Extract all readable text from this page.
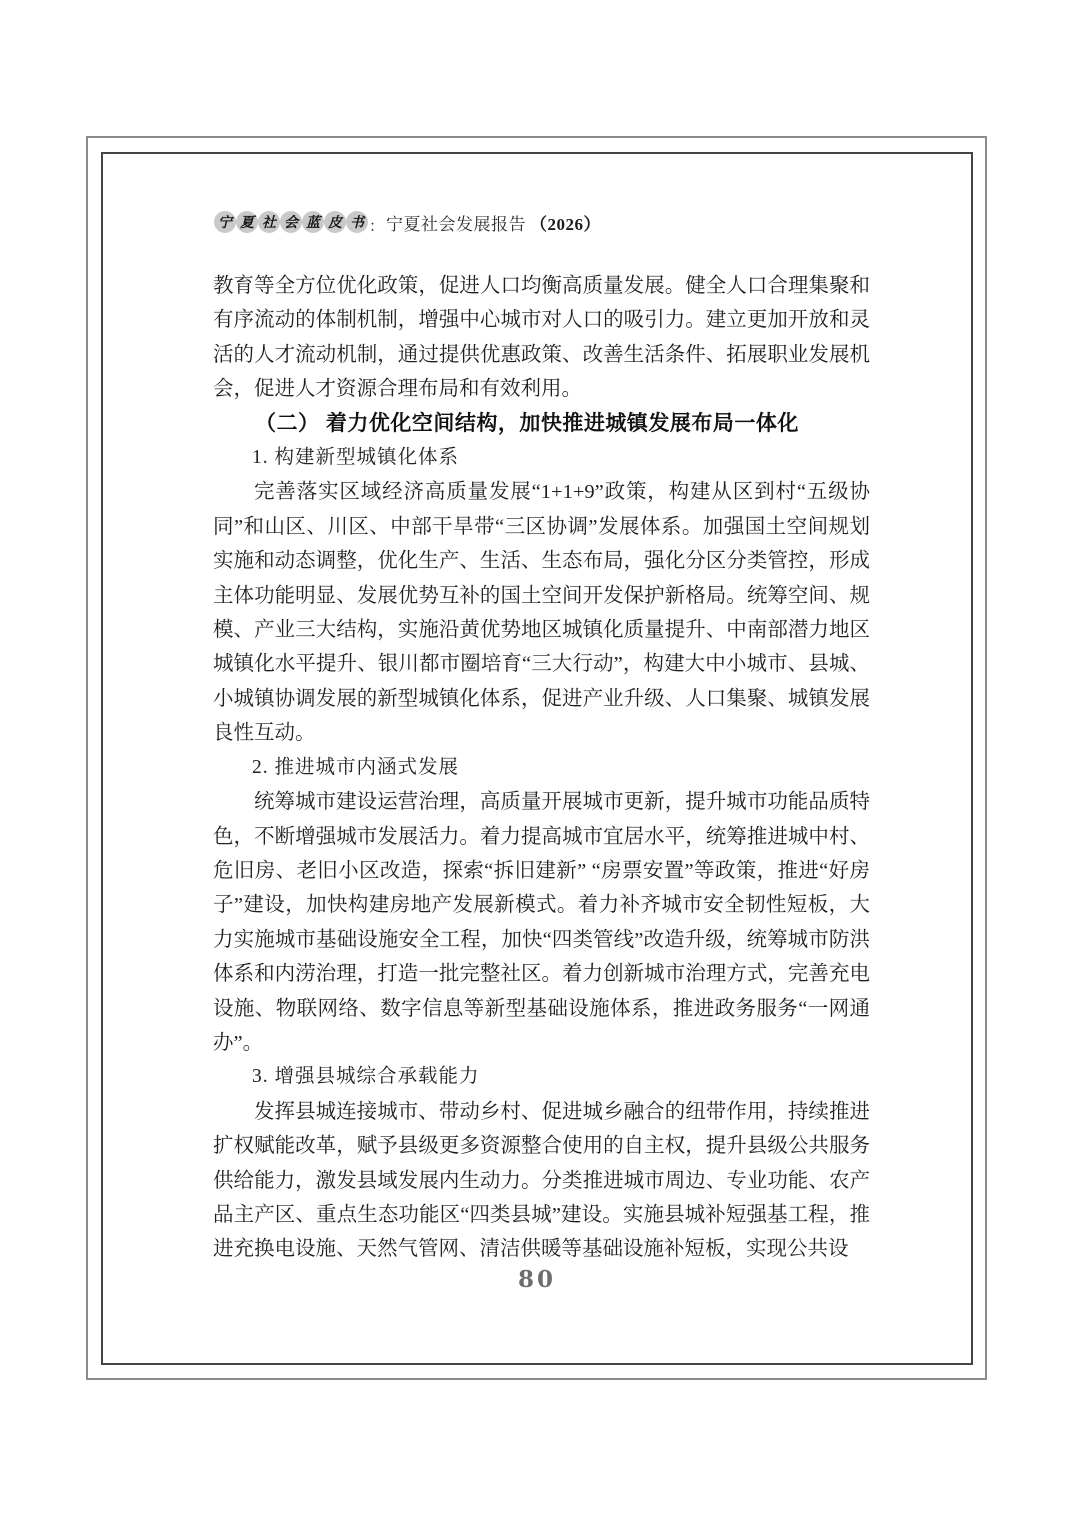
宁 夏 社 会 蓝 皮 书 ： 宁夏社会发展报告 （2026）

教育等全方位优化政策，促进人口均衡高质量发展。健全人口合理集聚和有序流动的体制机制，增强中心城市对人口的吸引力。建立更加开放和灵活的人才流动机制，通过提供优惠政策、改善生活条件、拓展职业发展机会，促进人才资源合理布局和有效利用。

（二） 着力优化空间结构，加快推进城镇发展布局一体化

1. 构建新型城镇化体系

完善落实区域经济高质量发展“1+1+9”政策，构建从区到村“五级协同”和山区、川区、中部干旱带“三区协调”发展体系。加强国土空间规划实施和动态调整，优化生产、生活、生态布局，强化分区分类管控，形成主体功能明显、发展优势互补的国土空间开发保护新格局。统筹空间、规模、产业三大结构，实施沿黄优势地区城镇化质量提升、中南部潜力地区城镇化水平提升、银川都市圈培育“三大行动”，构建大中小城市、县城、小城镇协调发展的新型城镇化体系，促进产业升级、人口集聚、城镇发展良性互动。

2. 推进城市内涵式发展

统筹城市建设运营治理，高质量开展城市更新，提升城市功能品质特色，不断增强城市发展活力。着力提高城市宜居水平，统筹推进城中村、危旧房、老旧小区改造，探索“拆旧建新” “房票安置”等政策，推进“好房子”建设，加快构建房地产发展新模式。着力补齐城市安全韧性短板，大力实施城市基础设施安全工程，加快“四类管线”改造升级，统筹城市防洪体系和内涝治理，打造一批完整社区。着力创新城市治理方式，完善充电设施、物联网络、数字信息等新型基础设施体系，推进政务服务“一网通办”。

3. 增强县城综合承载能力

发挥县城连接城市、带动乡村、促进城乡融合的纽带作用，持续推进扩权赋能改革，赋予县级更多资源整合使用的自主权，提升县级公共服务供给能力，激发县域发展内生动力。分类推进城市周边、专业功能、农产品主产区、重点生态功能区“四类县城”建设。实施县城补短强基工程，推进充换电设施、天然气管网、清洁供暖等基础设施补短板，实现公共设

80
